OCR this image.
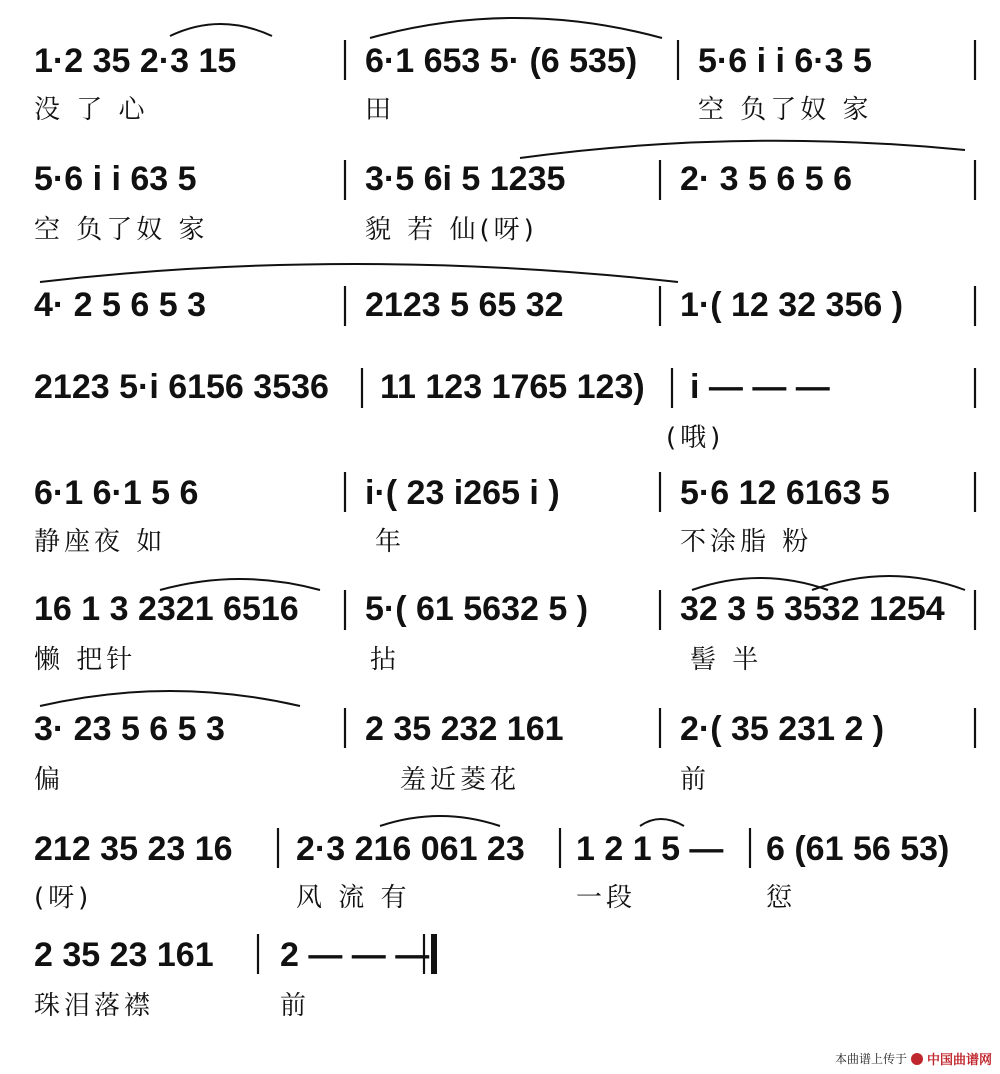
1·2 35 2·3 15
没 了 心
6·1 653 5· (6 535)
田
5·6 i i 6·3 5
空 负了奴 家
5·6 i i 63 5
空 负了奴 家
3·5 6i 5 1235
貌 若 仙(呀)
2· 3 5 6 5 6
4· 2 5 6 5 3	2123 5 65 32	1·( 12 32 356 )
2123 5·i 6156 3536 11 123 1765 123) i — — —
(哦)
6·1 6·1 5 6
静座夜 如
i·( 23 i265 i )
年
5·6 12 6163 5
不涂脂 粉
16 1 3 2321 6516
懒 把针
5·( 61 5632 5 )
拈
32 3 5 3532 1254
髻 半
3· 23 5 6 5 3
偏
2 35 232 161
羞近菱花
2·( 35 231 2 )
前
212 35 23 16
(呀)
2·3 216 061 23
风 流 有
1 2 1 5 —
一段
6 (61 56 53)
愆
2 35 23 161
珠泪落襟
2 — — —
前
本曲谱上传于 中国曲谱网
